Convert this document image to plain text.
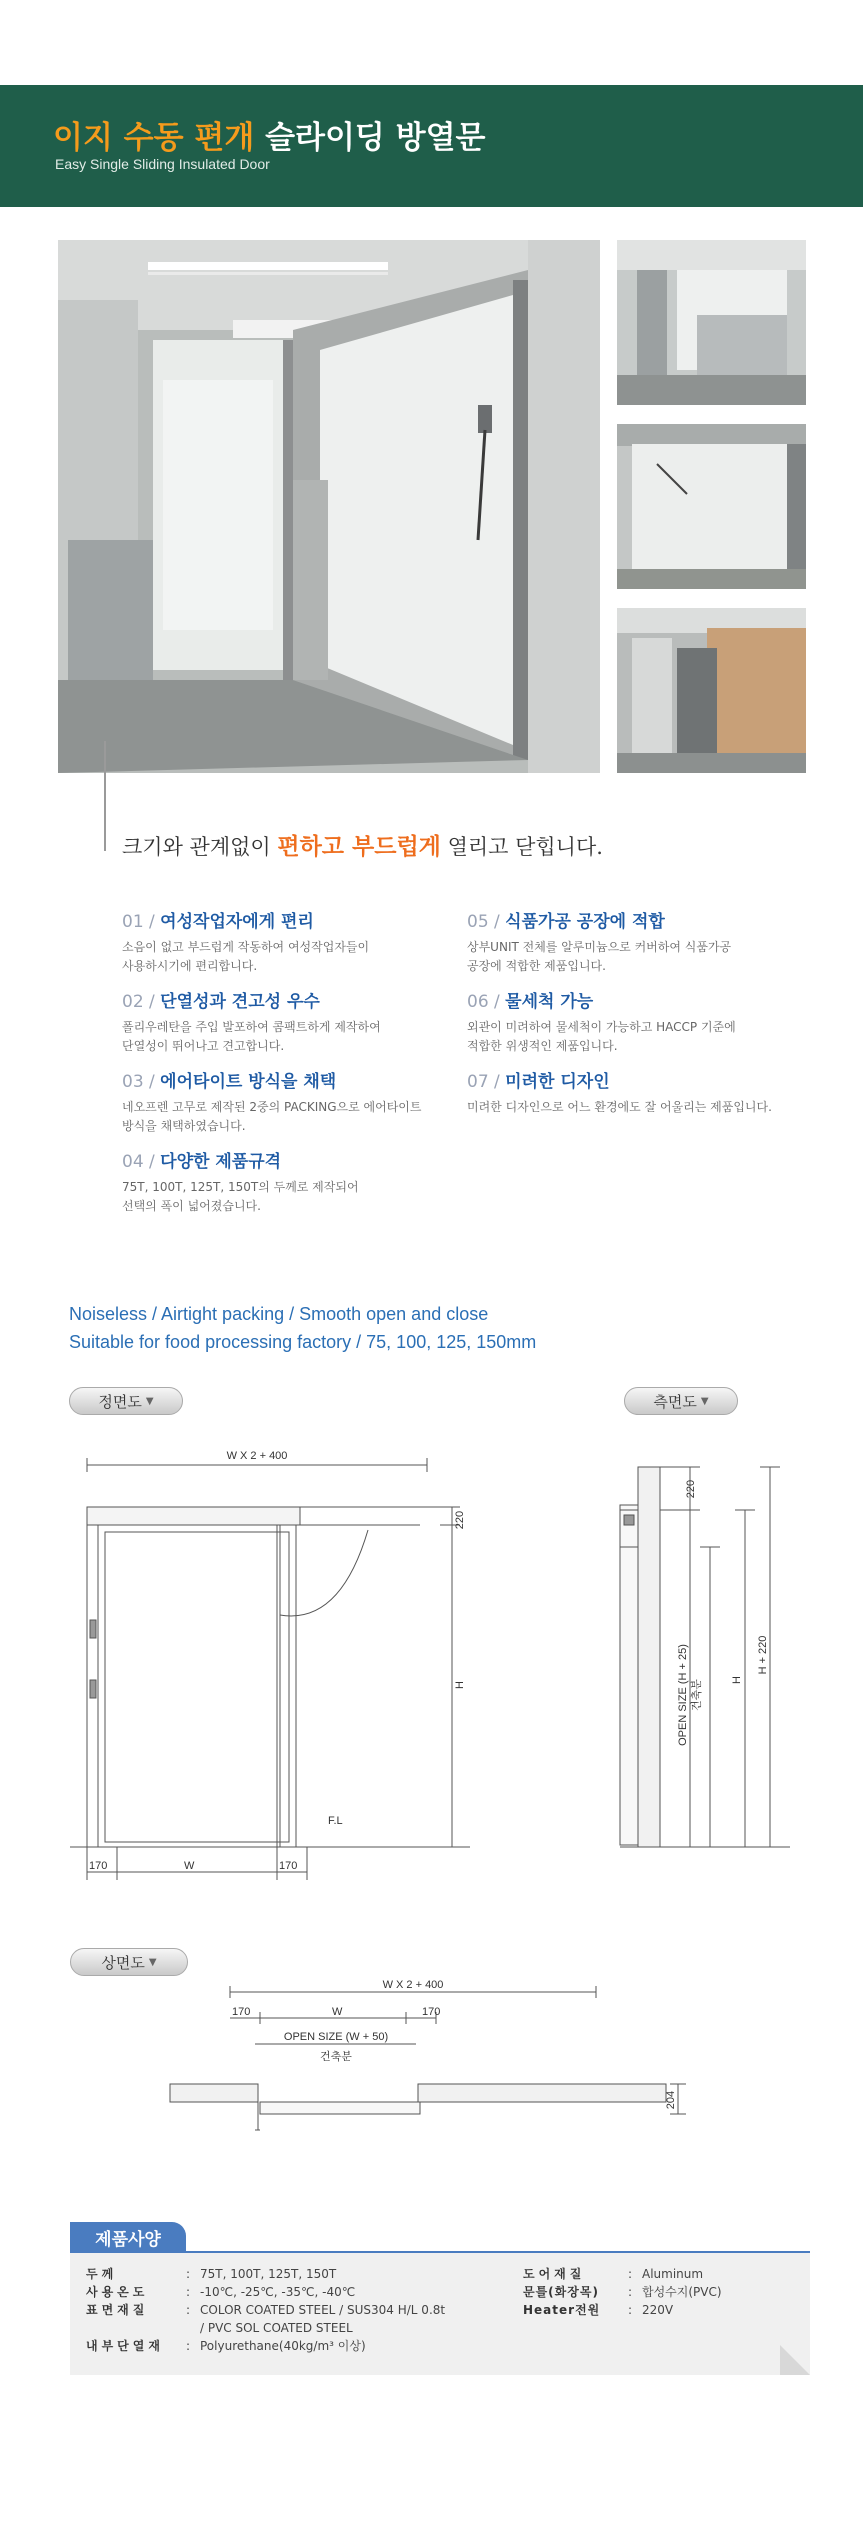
이지 수동 편개 슬라이딩 방열문
Easy Single Sliding Insulated Door
크기와 관계없이 편하고 부드럽게 열리고 닫힙니다.
01 / 여성작업자에게 편리
소음이 없고 부드럽게 작동하여 여성작업자들이
사용하시기에 편리합니다.
02 / 단열성과 견고성 우수
폴리우레탄을 주입 발포하여 콤팩트하게 제작하여
단열성이 뛰어나고 견고합니다.
03 / 에어타이트 방식을 채택
네오프렌 고무로 제작된 2중의 PACKING으로 에어타이트
방식을 채택하였습니다.
04 / 다양한 제품규격
75T, 100T, 125T, 150T의 두께로 제작되어
선택의 폭이 넓어졌습니다.
05 / 식품가공 공장에 적합
상부UNIT 전체를 알루미늄으로 커버하여 식품가공
공장에 적합한 제품입니다.
06 / 물세척 가능
외관이 미려하여 물세척이 가능하고 HACCP 기준에
적합한 위생적인 제품입니다.
07 / 미려한 디자인
미려한 디자인으로 어느 환경에도 잘 어울리는 제품입니다.
Noiseless / Airtight packing / Smooth open and close
Suitable for food processing factory / 75, 100, 125, 150mm
정면도 ▼	측면도 ▼
상면도 ▼
W X 2 + 400
220
H
F.L
170	W	170
220
OPEN SIZE (H + 25) 건축분	H
H + 220
W X 2 + 400
170	W	170
OPEN SIZE (W + 50)
건축분
204
제품사양
두께	: 75T, 100T, 125T, 150T
사용온도	: -10℃, -25℃, -35℃, -40℃
표면재질	: COLOR COATED STEEL / SUS304 H/L 0.8t
/ PVC SOL COATED STEEL
내부단열재 : Polyurethane(40kg/m³ 이상)
도어재질	: Aluminum
문틀(화장목) : 합성수지(PVC)
Heater전원 : 220V
